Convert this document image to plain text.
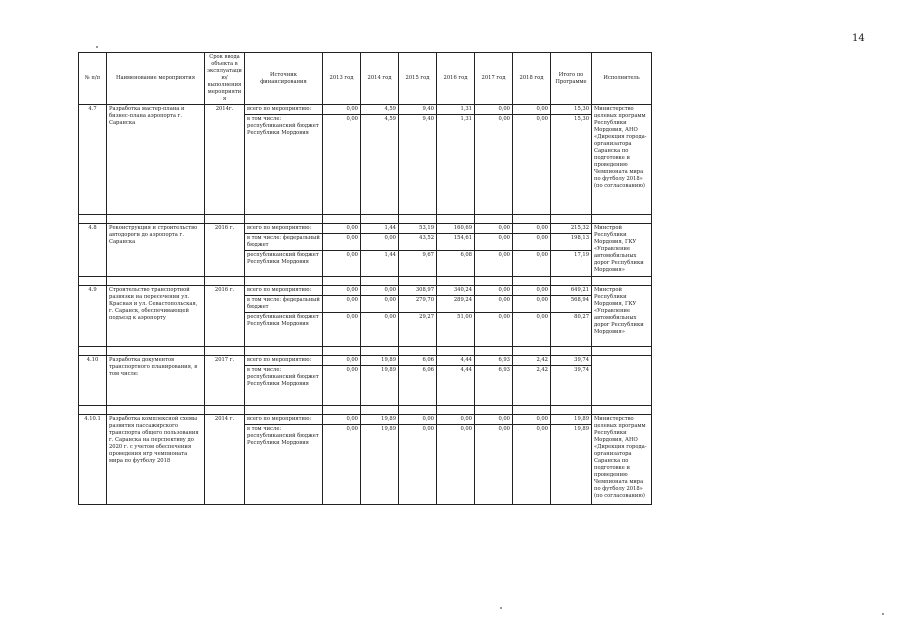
14
№ п/п	Наименование мероприятия	Срок ввода объекта в эксплуатацию/ выполнения мероприятия	Источник финансирования	2013 год	2014 год	2015 год	2016 год	2017 год	2018 год	Итого по Программе	Исполнитель
4.7	Разработка мастер-плана и бизнес-плана аэропорта г. Саранска	2014г.	всего по мероприятию:	0,00	4,59	9,40	1,31	0,00	0,00	15,30	Министерство целевых программ Республики Мордовия, АНО «Дирекция города-организатора Саранска по подготовке и проведению Чемпионата мира по футболу 2018» (по согласованию)
			в том числе: республиканский бюджет Республики Мордовия	0,00	4,59	9,40	1,31	0,00	0,00	15,30	

4.8	Реконструкция и строительство автодороги до аэропорта г. Саранска	2016 г.	всего по мероприятию:	0,00	1,44	53,19	160,69	0,00	0,00	215,32	Минстрой Республики Мордовия, ГКУ «Управление автомобильных дорог Республики Мордовия»
			в том числе: федеральный бюджет	0,00	0,00	43,52	154,61	0,00	0,00	198,13	
			республиканский бюджет Республики Мордовия	0,00	1,44	9,67	6,08	0,00	0,00	17,19	

4.9	Строительство транспортной развязки на пересечении ул. Красная и ул. Севастопольская, г. Саранск, обеспечивающей подъезд к аэропорту	2016 г.	всего по мероприятию:	0,00	0,00	308,97	340,24	0,00	0,00	649,21	Минстрой Республики Мордовия, ГКУ «Управление автомобильных дорог Республики Мордовия»
			в том числе: федеральный бюджет	0,00	0,00	279,70	289,24	0,00	0,00	568,94	
			республиканский бюджет Республики Мордовия	0,00	0,00	29,27	51,00	0,00	0,00	80,27	

4.10	Разработка документов транспортного планирования, в том числе:	2017 г.	всего по мероприятию:	0,00	19,89	6,06	4,44	6,93	2,42	39,74	
			в том числе: республиканский бюджет Республики Мордовия	0,00	19,89	6,06	4,44	6,93	2,42	39,74	

4.10.1	Разработка комплексной схемы развития пассажирского транспорта общего пользования г. Саранска на перспективу до 2020 г. с учетом обеспечения проведения игр чемпионата мира по футболу 2018	2014 г.	всего по мероприятию:	0,00	19,89	0,00	0,00	0,00	0,00	19,89	Министерство целевых программ Республики Мордовия, АНО «Дирекция города-организатора Саранска по подготовке и проведению Чемпионата мира по футболу 2018» (по согласованию)
			в том числе: республиканский бюджет Республики Мордовия	0,00	19,89	0,00	0,00	0,00	0,00	19,89	
